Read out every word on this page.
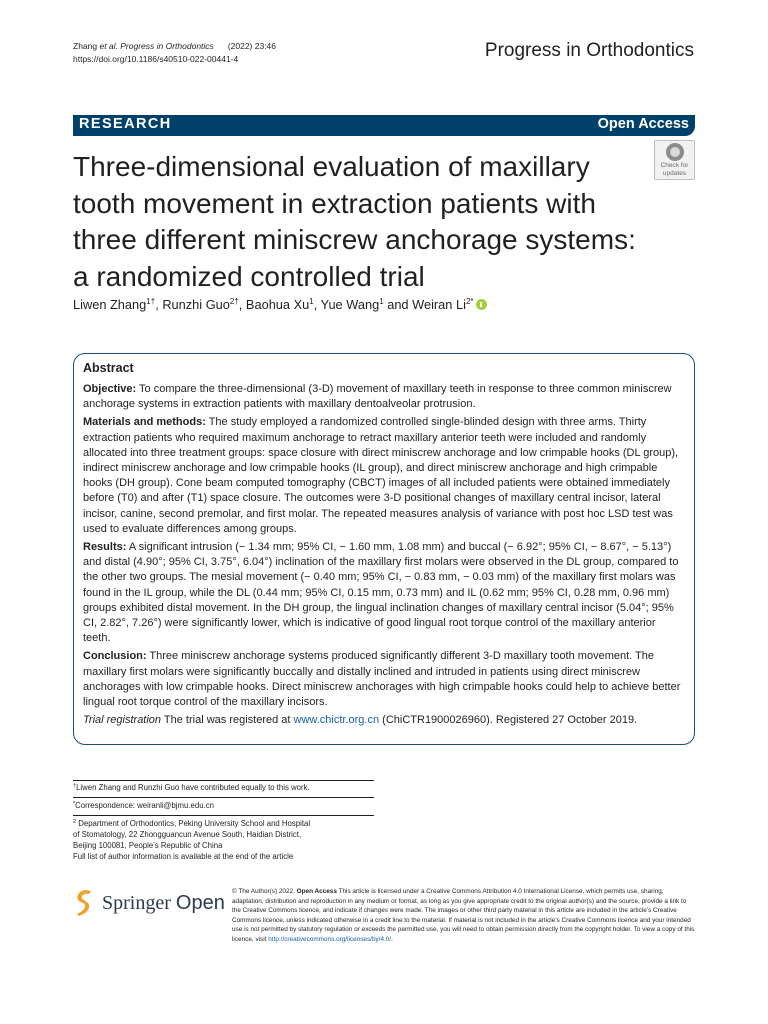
Zhang et al. Progress in Orthodontics (2022) 23:46
https://doi.org/10.1186/s40510-022-00441-4	Progress in Orthodontics
RESEARCH	Open Access
Three-dimensional evaluation of maxillary tooth movement in extraction patients with three different miniscrew anchorage systems: a randomized controlled trial
Check for
updates
Liwen Zhang$^{1\dagger}$, Runzhi Guo$^{2\dagger}$, Baohua Xu$^1$, Yue Wang$^1$ and Weiran $Li^{2*}$
Abstract

Objective: To compare the three-dimensional (3-D) movement of maxillary teeth in response to three common miniscrew anchorage systems in extraction patients with maxillary dentoalveolar protrusion.

Materials and methods: The study employed a randomized controlled single-blinded design with three arms. Thirty extraction patients who required maximum anchorage to retract maxillary anterior teeth were included and randomly allocated into three treatment groups: space closure with direct miniscrew anchorage and low crimpable hooks (DL group), indirect miniscrew anchorage and low crimpable hooks (IL group), and direct miniscrew anchorage and high crimpable hooks (DH group). Cone beam computed tomography (CBCT) images of all included patients were obtained immediately before (T0) and after (T1) space closure. The outcomes were 3-D positional changes of maxillary central incisor, lateral incisor, canine, second premolar, and first molar. The repeated measures analysis of variance with post hoc LSD test was used to evaluate differences among groups.

Results: A significant intrusion (− 1.34 mm; 95% CI, − 1.60 mm, 1.08 mm) and buccal (− 6.92°; 95% CI, − 8.67°, − 5.13°) and distal (4.90°; 95% CI, 3.75°, 6.04°) inclination of the maxillary first molars were observed in the DL group, compared to the other two groups. The mesial movement (− 0.40 mm; 95% CI, − 0.83 mm, − 0.03 mm) of the maxillary first molars was found in the IL group, while the DL (0.44 mm; 95% CI, 0.15 mm, 0.73 mm) and IL (0.62 mm; 95% CI, 0.28 mm, 0.96 mm) groups exhibited distal movement. In the DH group, the lingual inclination changes of maxillary central incisor (5.04°; 95% CI, 2.82°, 7.26°) were significantly lower, which is indicative of good lingual root torque control of the maxillary anterior teeth.

Conclusion: Three miniscrew anchorage systems produced significantly different 3-D maxillary tooth movement. The maxillary first molars were significantly buccally and distally inclined and intruded in patients using direct miniscrew anchorages with low crimpable hooks. Direct miniscrew anchorages with high crimpable hooks could help to achieve better lingual root torque control of the maxillary incisors.

Trial registration The trial was registered at www.chictr.org.cn (ChiCTR1900026960). Registered 27 October 2019.

†Liwen Zhang and Runzhi Guo have contributed equally to this work.
*Correspondence: weiranli@bjmu.edu.cn
$^2$ Department of Orthodontics, Peking University School and Hospital
of Stomatology, 22 Zhongguancun Avenue South, Haidian District,
Beijing 100081, People’s Republic of China
Full list of author information is available at the end of the article
Springer Open © The Author(s) 2022. Open Access This article is licensed under a Creative Commons Attribution 4.0 International License, which permits use, sharing, adaptation, distribution and reproduction in any medium or format, as long as you give appropriate credit to the original author(s) and the source, provide a link to the Creative Commons licence, and indicate if changes were made. The images or other third party material in this article are included in the article’s Creative Commons licence, unless indicated otherwise in a credit line to the material. If material is not included in the article’s Creative Commons licence and your intended use is not permitted by statutory regulation or exceeds the permitted use, you will need to obtain permission directly from the copyright holder. To view a copy of this licence, visit http://creativecommons.org/licenses/by/4.0/.
